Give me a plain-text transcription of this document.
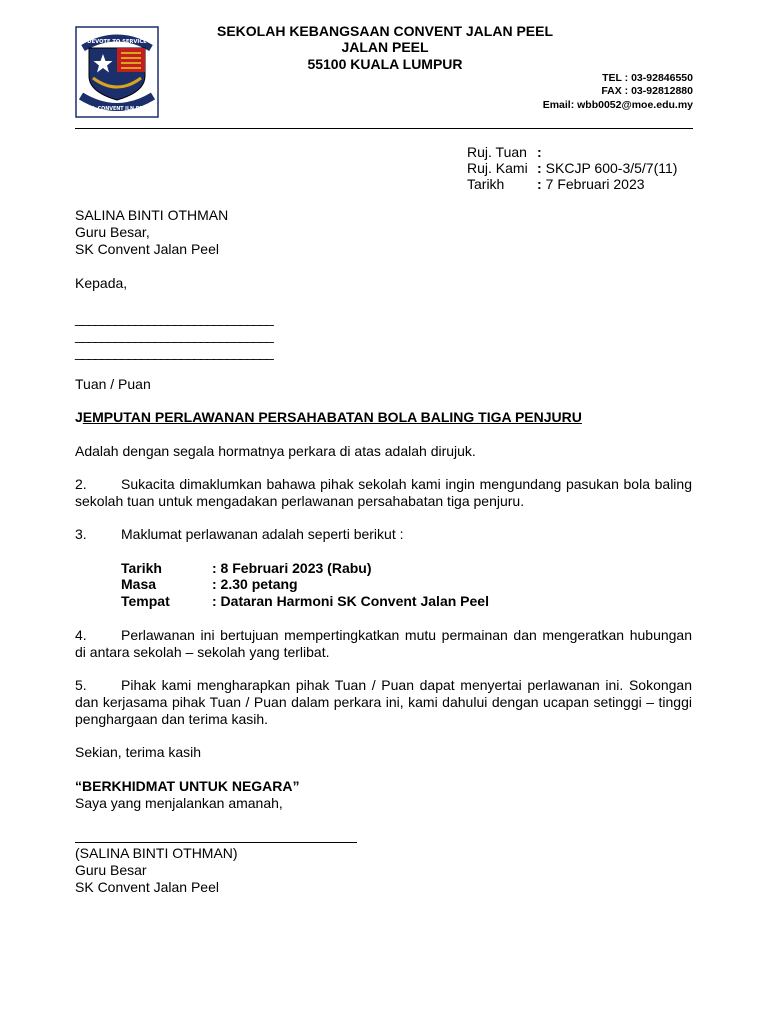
DEVOTE TO SERVICE
S.K. CONVENT JLN PEEL
SEKOLAH KEBANGSAAN CONVENT JALAN PEEL
JALAN PEEL
55100 KUALA LUMPUR
TEL : 03-92846550
FAX : 03-92812880
Email: wbb0052@moe.edu.my
Ruj. Tuan :
Ruj. Kami : SKCJP 600-3/5/7(11)
Tarikh : 7 Februari 2023
SALINA BINTI OTHMAN
Guru Besar,
SK Convent Jalan Peel
Kepada,
______________________________
______________________________
______________________________
Tuan / Puan
JEMPUTAN PERLAWANAN PERSAHABATAN BOLA BALING TIGA PENJURU
Adalah dengan segala hormatnya perkara di atas adalah dirujuk.
2. Sukacita dimaklumkan bahawa pihak sekolah kami ingin mengundang pasukan bola baling sekolah tuan untuk mengadakan perlawanan persahabatan tiga penjuru.
3. Maklumat perlawanan adalah seperti berikut :
Tarikh	: 8 Februari 2023 (Rabu)
Masa	: 2.30 petang
Tempat	: Dataran Harmoni SK Convent Jalan Peel
4. Perlawanan ini bertujuan mempertingkatkan mutu permainan dan mengeratkan hubungan di antara sekolah – sekolah yang terlibat.
5. Pihak kami mengharapkan pihak Tuan / Puan dapat menyertai perlawanan ini. Sokongan dan kerjasama pihak Tuan / Puan dalam perkara ini, kami dahului dengan ucapan setinggi – tinggi penghargaan dan terima kasih.
Sekian, terima kasih
“BERKHIDMAT UNTUK NEGARA”
Saya yang menjalankan amanah,
(SALINA BINTI OTHMAN)
Guru Besar
SK Convent Jalan Peel
